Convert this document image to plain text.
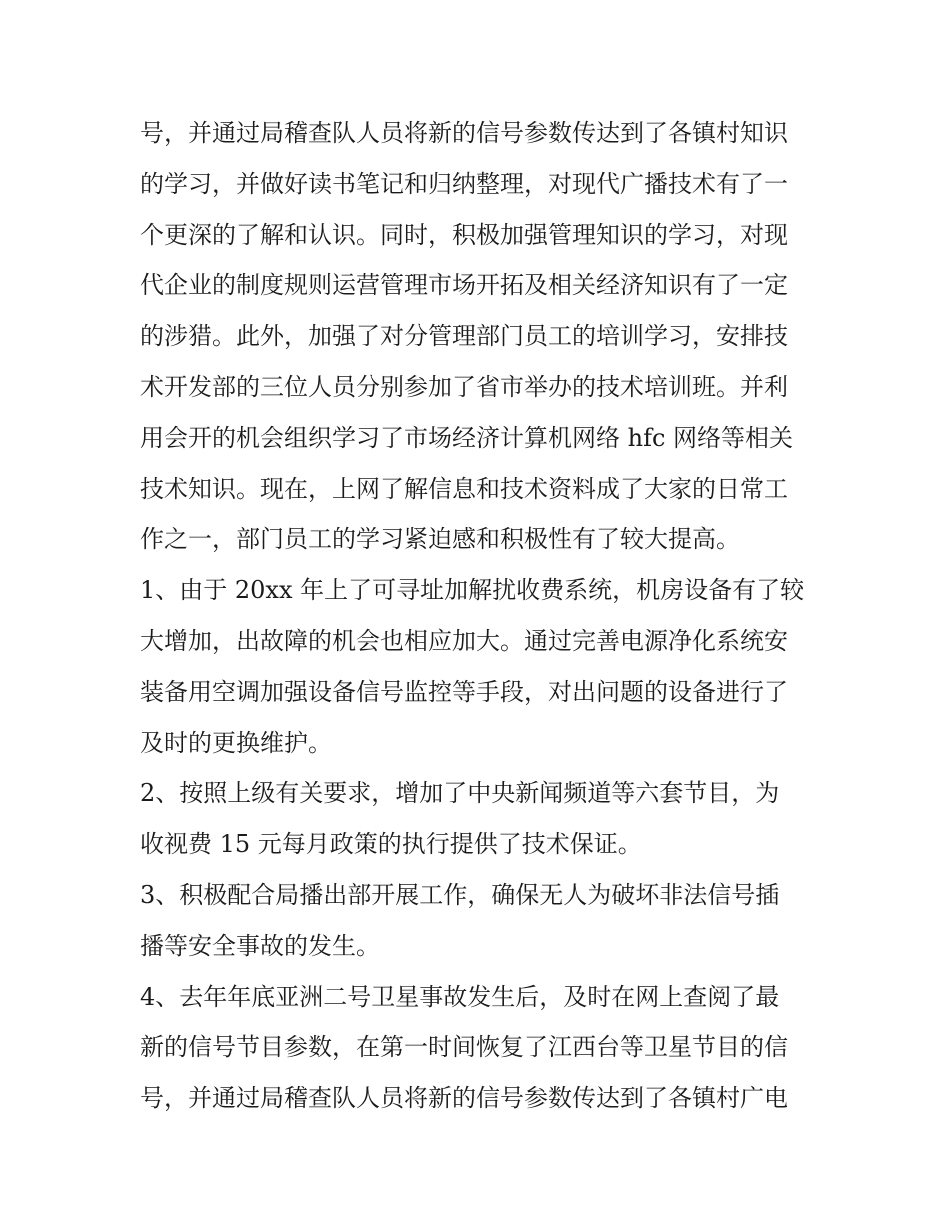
号，并通过局稽查队人员将新的信号参数传达到了各镇村知识
的学习，并做好读书笔记和归纳整理，对现代广播技术有了一
个更深的了解和认识。同时，积极加强管理知识的学习，对现
代企业的制度规则运营管理市场开拓及相关经济知识有了一定
的涉猎。此外，加强了对分管理部门员工的培训学习，安排技
术开发部的三位人员分别参加了省市举办的技术培训班。并利
用会开的机会组织学习了市场经济计算机网络 hfc 网络等相关
技术知识。现在，上网了解信息和技术资料成了大家的日常工
作之一，部门员工的学习紧迫感和积极性有了较大提高。
1、由于 20xx 年上了可寻址加解扰收费系统，机房设备有了较
大增加，出故障的机会也相应加大。通过完善电源净化系统安
装备用空调加强设备信号监控等手段，对出问题的设备进行了
及时的更换维护。
2、按照上级有关要求，增加了中央新闻频道等六套节目，为
收视费 15 元每月政策的执行提供了技术保证。
3、积极配合局播出部开展工作，确保无人为破坏非法信号插
播等安全事故的发生。
4、去年年底亚洲二号卫星事故发生后，及时在网上查阅了最
新的信号节目参数，在第一时间恢复了江西台等卫星节目的信
号，并通过局稽查队人员将新的信号参数传达到了各镇村广电
